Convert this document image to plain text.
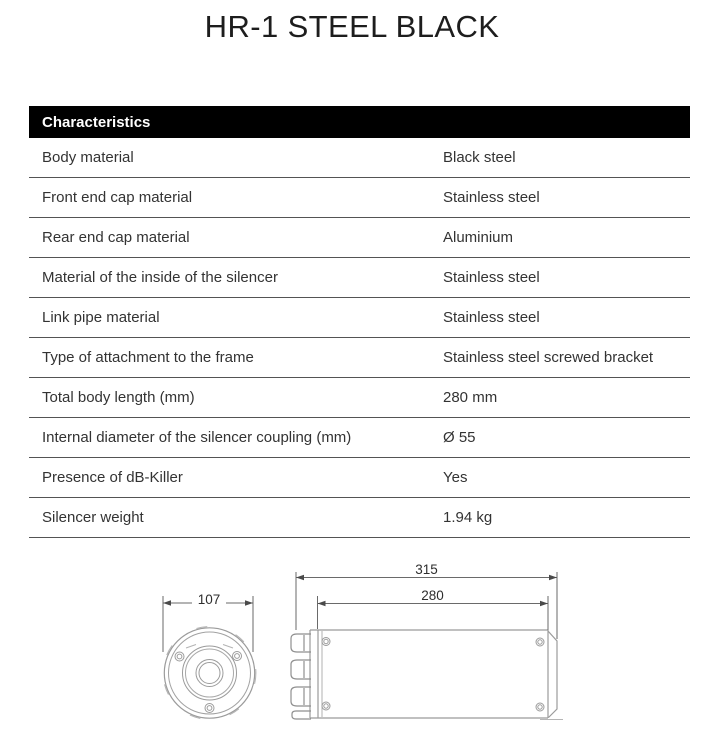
HR-1 STEEL BLACK
Characteristics
Body material	Black steel
Front end cap material	Stainless steel
Rear end cap material	Aluminium
Material of the inside of the silencer	Stainless steel
Link pipe material	Stainless steel
Type of attachment to the frame	Stainless steel screwed bracket
Total body length (mm)	280 mm
Internal diameter of the silencer coupling (mm)	Ø 55
Presence of dB-Killer	Yes
Silencer weight	1.94 kg
107
315
280
